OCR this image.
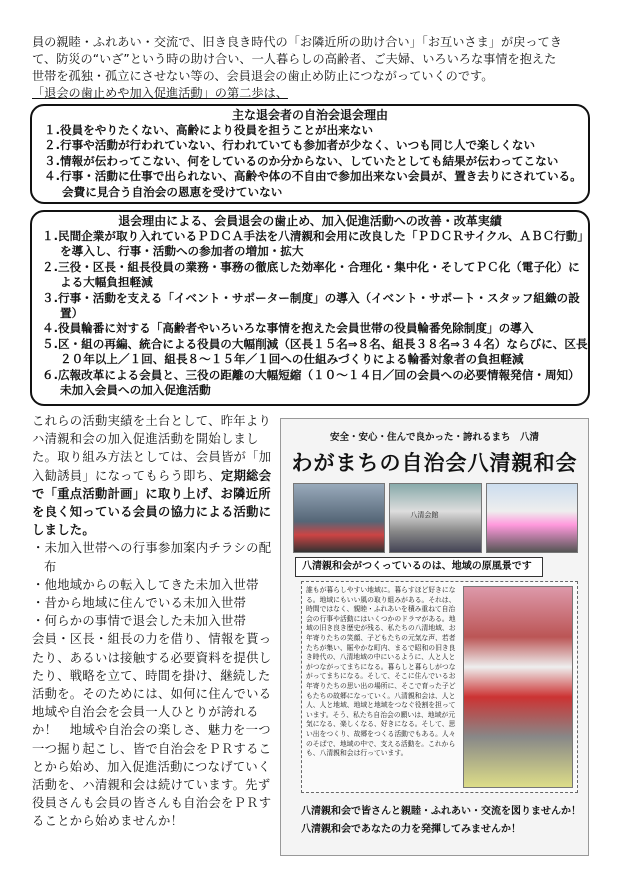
員の親睦・ふれあい・交流で、旧き良き時代の「お隣近所の助け合い」「お互いさま」が戻ってき
て、防災の“いざ”という時の助け合い、一人暮らしの高齢者、ご夫婦、いろいろな事情を抱えた
世帯を孤独・孤立にさせない等の、会員退会の歯止め防止につながっていくのです。
「退会の歯止めや加入促進活動」の第二歩は、
主な退会者の自治会退会理由
１.役員をやりたくない、高齢により役員を担うことが出来ない
２.行事や活動が行われていない、行われていても参加者が少なく、いつも同じ人で楽しくない
３.情報が伝わってこない、何をしているのか分からない、していたとしても結果が伝わってこない
４.行事・活動に仕事で出られない、高齢や体の不自由で参加出来ない会員が、置き去りにされている。会費に見合う自治会の恩恵を受けていない
退会理由による、会員退会の歯止め、加入促進活動への改善・改革実績
１.民間企業が取り入れているＰＤＣＡ手法を八清親和会用に改良した「ＰＤＣＲサイクル、ＡＢＣ行動」を導入し、行事・活動への参加者の増加・拡大
２.三役・区長・組長役員の業務・事務の徹底した効率化・合理化・集中化・そしてＰＣ化（電子化）による大幅負担軽減
３.行事・活動を支える「イベント・サポーター制度」の導入（イベント・サポート・スタッフ組織の設置）
４.役員輪番に対する「高齢者やいろいろな事情を抱えた会員世帯の役員輪番免除制度」の導入
５.区・組の再編、統合による役員の大幅削減（区長１５名⇒８名、組長３８名⇒３４名）ならびに、区長２０年以上／１回、組長８～１５年／１回への仕組みづくりによる輪番対象者の負担軽減
６.広報改革による会員と、三役の距離の大幅短縮（１０～１４日／回の会員への必要情報発信・周知）未加入会員への加入促進活動
これらの活動実績を土台として、昨年よりハ清親和会の加入促進活動を開始しました。取り組み方法としては、会員皆が「加入勧誘員」になってもらう即ち、定期総会で「重点活動計画」に取り上げ、お隣近所を良く知っている会員の協力による活動にしました。
・未加入世帯への行事参加案内チラシの配布
・他地域からの転入してきた未加入世帯
・昔から地域に住んでいる未加入世帯
・何らかの事情で退会した未加入世帯
会員・区長・組長の力を借り、情報を貰ったり、あるいは接触する必要資料を提供したり、戦略を立て、時間を掛け、継続した活動を。そのためには、如何に住んでいる地域や自治会を会員一人ひとりが誇れるか！　地域や自治会の楽しさ、魅力を一つ一つ掘り起こし、皆で自治会をＰＲすることから始め、加入促進活動につなげていく活動を、ハ清親和会は続けています。先ず役員さんも会員の皆さんも自治会をＰＲすることから始めませんか！
安全・安心・住んで良かった・誇れるまち　八清
わがまちの自治会八清親和会
八清会館
八清親和会がつくっているのは、地域の原風景です

誰もが暮らしやすい地域に。暮らすほど好きになる。地域にもいい風の取り組みがある。それは、時間ではなく、親睦・ふれあいを積み重ねて自治会の行事や活動にはいくつかのドラマがある。地域の旧き良き歴史が残る、私たちの八清地域、お年寄りたちの笑顔、子どもたちの元気な声、若者たちが集い、賑やかな町内、まるで昭和の旧き良き時代の、八清地域の中にいるように、人と人とがつながってまちになる。暮らしと暮らしがつながってまちになる。そして、そこに住んでいるお年寄りたちの思い出の場所に、そこで育った子どもたちの故郷になっていく。八清親和会は、人と人、人と地域、地域と地域をつなぐ役割を担っています。そう、私たち自治会の願いは、地域が元気になる、楽しくなる、好きになる。そして、思い出をつくり、故郷をつくる活動でもある。人々のそばで、地域の中で、支える活動を。これからも、八清親和会は行っています。

八清親和会で皆さんと親睦・ふれあい・交流を図りませんか！
八清親和会であなたの力を発揮してみませんか！
